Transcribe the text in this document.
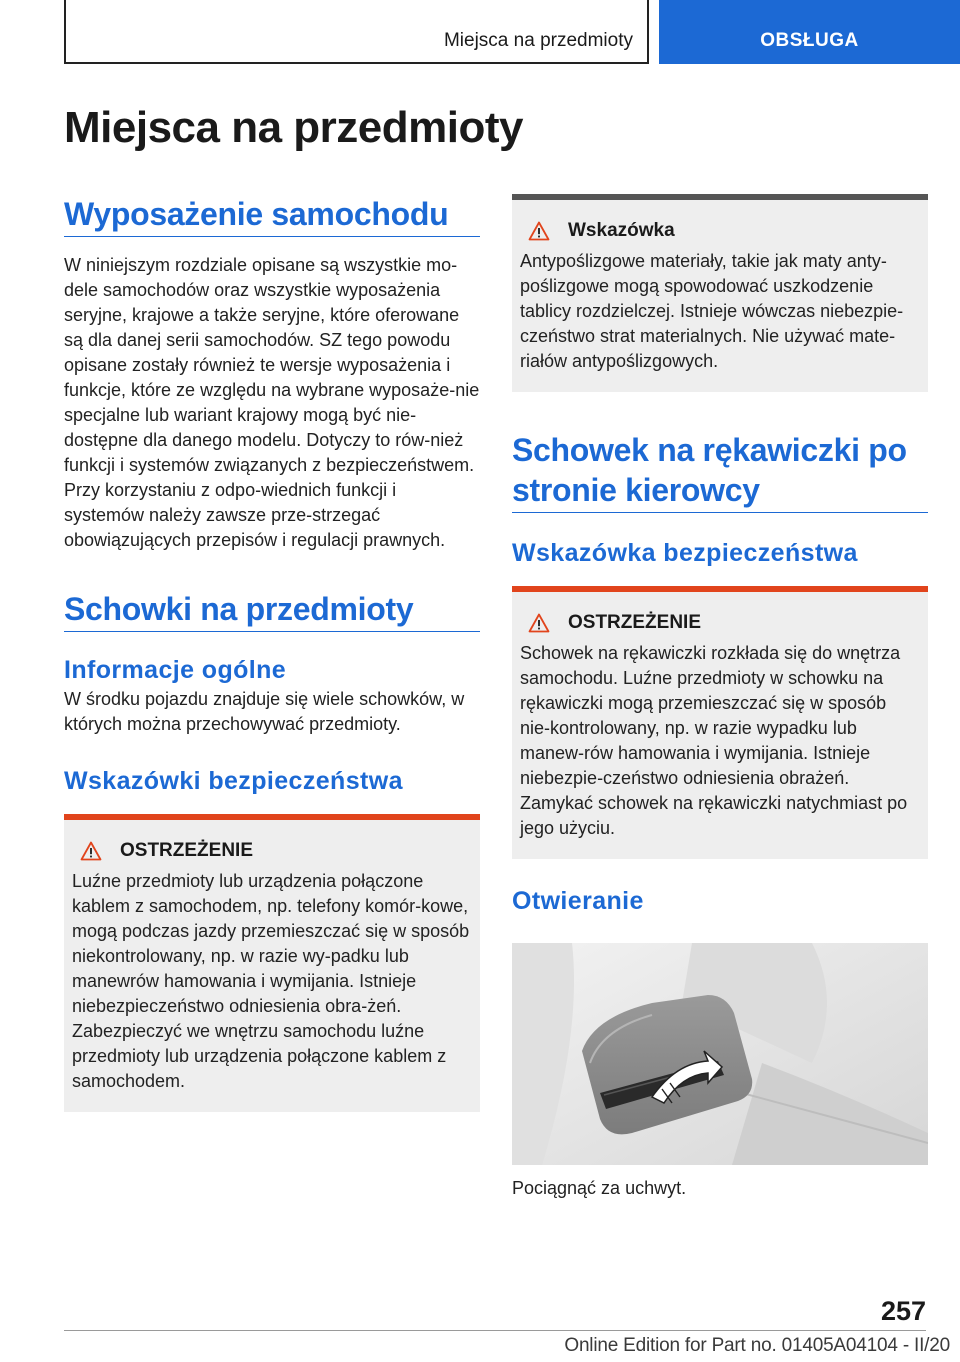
Miejsca na przedmioty	OBSŁUGA
Miejsca na przedmioty
Wyposażenie samochodu

W niniejszym rozdziale opisane są wszystkie mo-dele samochodów oraz wszystkie wyposażenia seryjne, krajowe a także seryjne, które oferowane są dla danej serii samochodów. SZ tego powodu opisane zostały również te wersje wyposażenia i funkcje, które ze względu na wybrane wyposaże-nie specjalne lub wariant krajowy mogą być nie-dostępne dla danego modelu. Dotyczy to rów-nież funkcji i systemów związanych z bezpieczeństwem. Przy korzystaniu z odpo-wiednich funkcji i systemów należy zawsze prze-strzegać obowiązujących przepisów i regulacji prawnych.

Schowki na przedmioty
Informacje ogólne

W środku pojazdu znajduje się wiele schowków, w których można przechowywać przedmioty.

Wskazówki bezpieczeństwa
OSTRZEŻENIE

Luźne przedmioty lub urządzenia połączone kablem z samochodem, np. telefony komór-kowe, mogą podczas jazdy przemieszczać się w sposób niekontrolowany, np. w razie wy-padku lub manewrów hamowania i wymijania. Istnieje niebezpieczeństwo odniesienia obra-żeń. Zabezpieczyć we wnętrzu samochodu luźne przedmioty lub urządzenia połączone kablem z samochodem.

Wskazówka

Antypoślizgowe materiały, takie jak maty anty-poślizgowe mogą spowodować uszkodzenie tablicy rozdzielczej. Istnieje wówczas niebezpie-czeństwo strat materialnych. Nie używać mate-riałów antypoślizgowych.

Schowek na rękawiczki po stronie kierowcy
Wskazówka bezpieczeństwa
OSTRZEŻENIE

Schowek na rękawiczki rozkłada się do wnętrza samochodu. Luźne przedmioty w schowku na rękawiczki mogą przemieszczać się w sposób nie-kontrolowany, np. w razie wypadku lub manew-rów hamowania i wymijania. Istnieje niebezpie-czeństwo odniesienia obrażeń. Zamykać schowek na rękawiczki natychmiast po jego użyciu.

Otwieranie

Pociągnąć za uchwyt.

257
Online Edition for Part no. 01405A04104 - II/20
